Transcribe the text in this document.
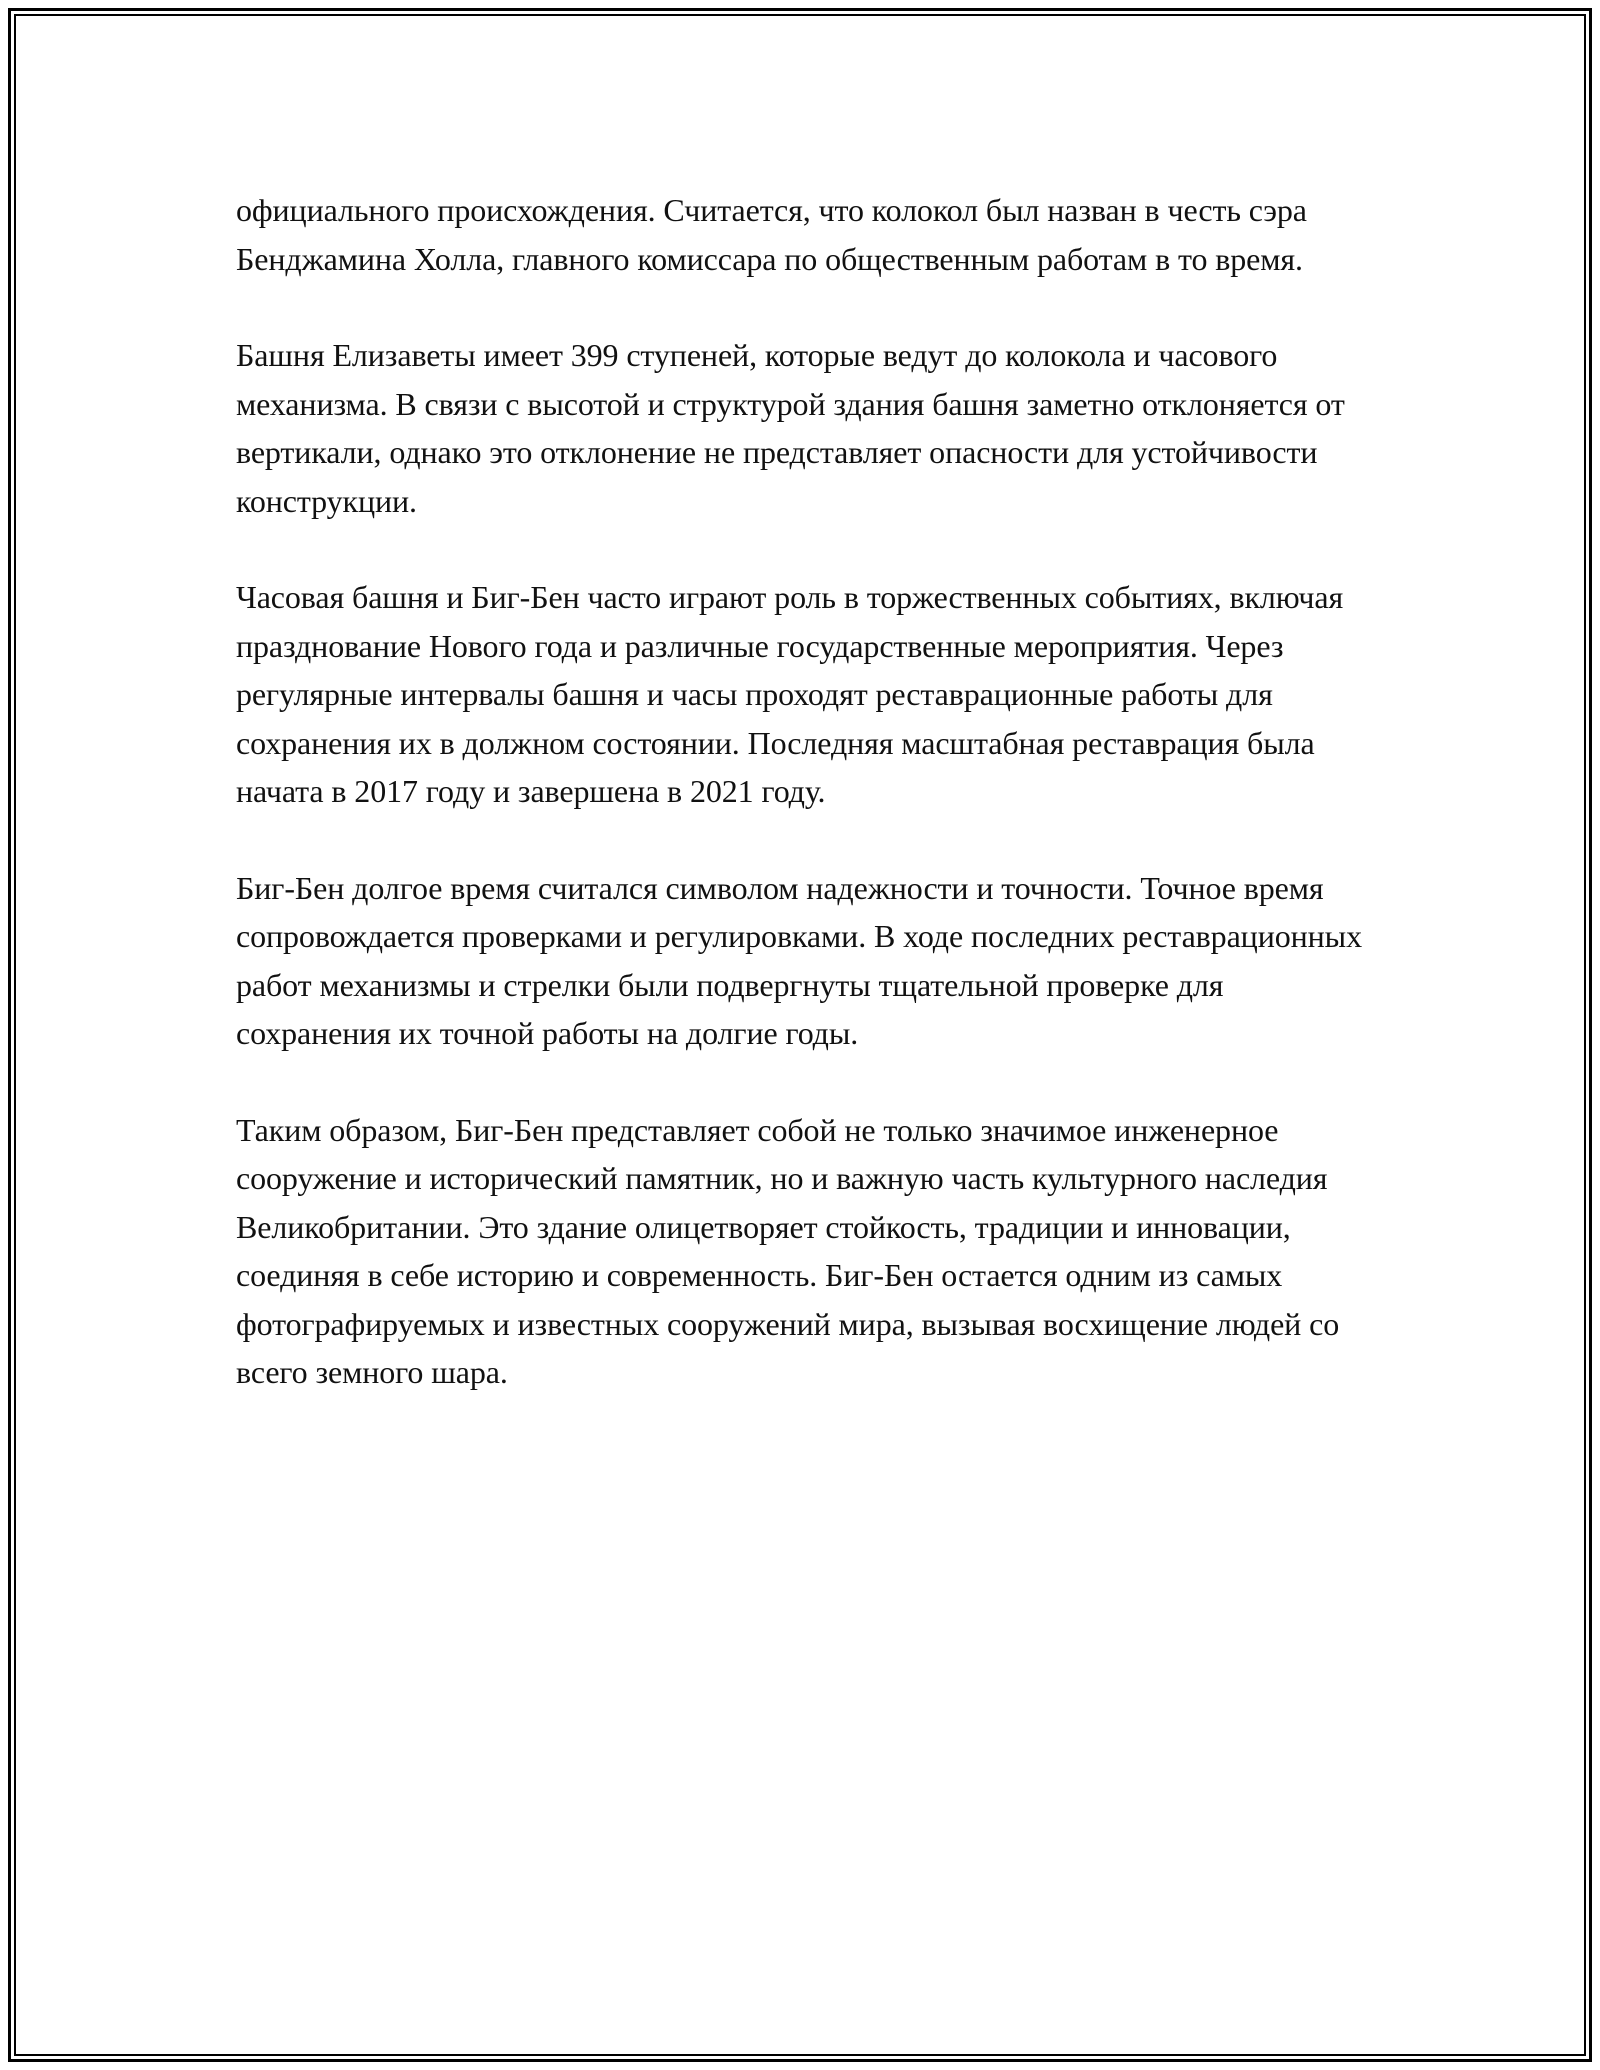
официального происхождения. Считается, что колокол был назван в честь сэра Бенджамина Холла, главного комиссара по общественным работам в то время.

Башня Елизаветы имеет 399 ступеней, которые ведут до колокола и часового механизма. В связи с высотой и структурой здания башня заметно отклоняется от вертикали, однако это отклонение не представляет опасности для устойчивости конструкции.

Часовая башня и Биг-Бен часто играют роль в торжественных событиях, включая празднование Нового года и различные государственные мероприятия. Через регулярные интервалы башня и часы проходят реставрационные работы для сохранения их в должном состоянии. Последняя масштабная реставрация была начата в 2017 году и завершена в 2021 году.

Биг-Бен долгое время считался символом надежности и точности. Точное время сопровождается проверками и регулировками. В ходе последних реставрационных работ механизмы и стрелки были подвергнуты тщательной проверке для сохранения их точной работы на долгие годы.

Таким образом, Биг-Бен представляет собой не только значимое инженерное сооружение и исторический памятник, но и важную часть культурного наследия Великобритании. Это здание олицетворяет стойкость, традиции и инновации, соединяя в себе историю и современность. Биг-Бен остается одним из самых фотографируемых и известных сооружений мира, вызывая восхищение людей со всего земного шара.
